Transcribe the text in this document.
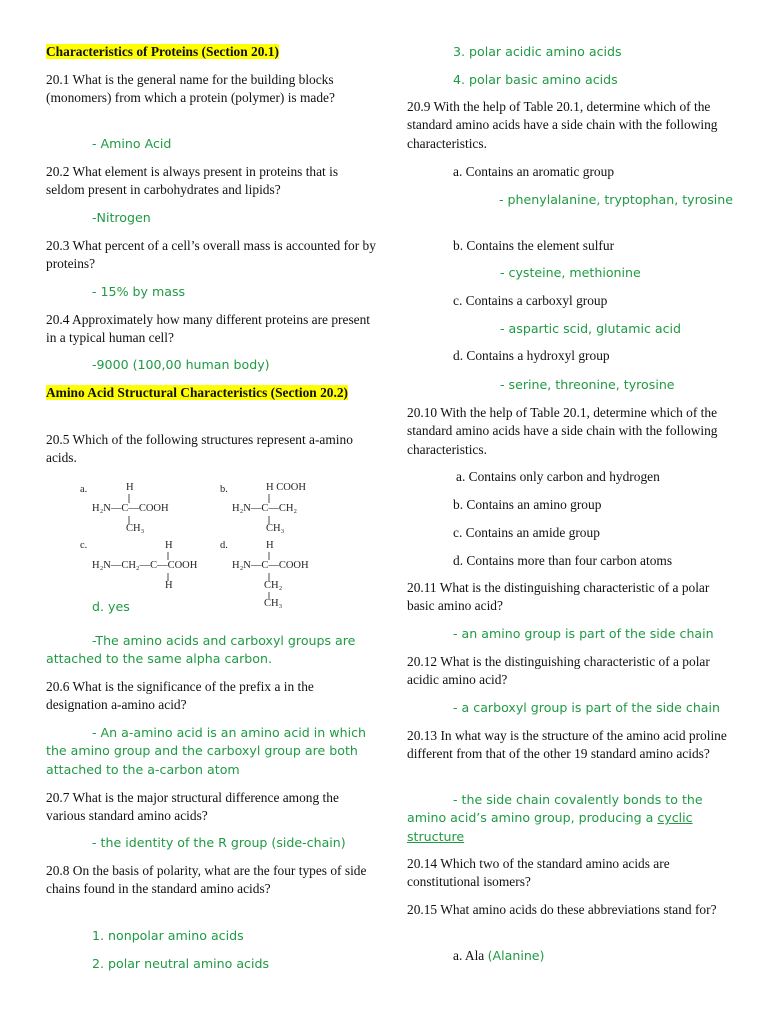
Characteristics of Proteins (Section 20.1)

20.1 What is the general name for the building blocks (monomers) from which a protein (polymer) is made?

- Amino Acid

20.2 What element is always present in proteins that is seldom present in carbohydrates and lipids?

-Nitrogen

20.3 What percent of a cell’s overall mass is accounted for by proteins?

- 15% by mass

20.4 Approximately how many different proteins are present in a typical human cell?

-9000 (100,00 human body)

Amino Acid Structural Characteristics (Section 20.2)

20.5 Which of the following structures represent a-amino acids.

a.	H
H₂N—C—COOH
CH₃
b.	H COOH
H₂N—C—CH₂
CH₃
c.	H
H₂N—CH₂—C—COOH
H
d.	H
H₂N—C—COOH
CH₂
CH₃
d. yes

-The amino acids and carboxyl groups are attached to the same alpha carbon.

20.6 What is the significance of the prefix a in the designation a-amino acid?

- An a-amino acid is an amino acid in which the amino group and the carboxyl group are both attached to the a-carbon atom

20.7 What is the major structural difference among the various standard amino acids?

- the identity of the R group (side-chain)

20.8 On the basis of polarity, what are the four types of side chains found in the standard amino acids?

1. nonpolar amino acids

2. polar neutral amino acids

3. polar acidic amino acids

4. polar basic amino acids

20.9 With the help of Table 20.1, determine which of the standard amino acids have a side chain with the following characteristics.

a. Contains an aromatic group

- phenylalanine, tryptophan, tyrosine

b. Contains the element sulfur

- cysteine, methionine

c. Contains a carboxyl group

- aspartic scid, glutamic acid

d. Contains a hydroxyl group

- serine, threonine, tyrosine

20.10 With the help of Table 20.1, determine which of the standard amino acids have a side chain with the following characteristics.

a. Contains only carbon and hydrogen

b. Contains an amino group

c. Contains an amide group

d. Contains more than four carbon atoms

20.11 What is the distinguishing characteristic of a polar basic amino acid?

- an amino group is part of the side chain

20.12 What is the distinguishing characteristic of a polar acidic amino acid?

- a carboxyl group is part of the side chain

20.13 In what way is the structure of the amino acid proline different from that of the other 19 standard amino acids?

- the side chain covalently bonds to the amino acid’s amino group, producing a cyclic structure

20.14 Which two of the standard amino acids are constitutional isomers?

20.15 What amino acids do these abbreviations stand for?

a. Ala (Alanine)
